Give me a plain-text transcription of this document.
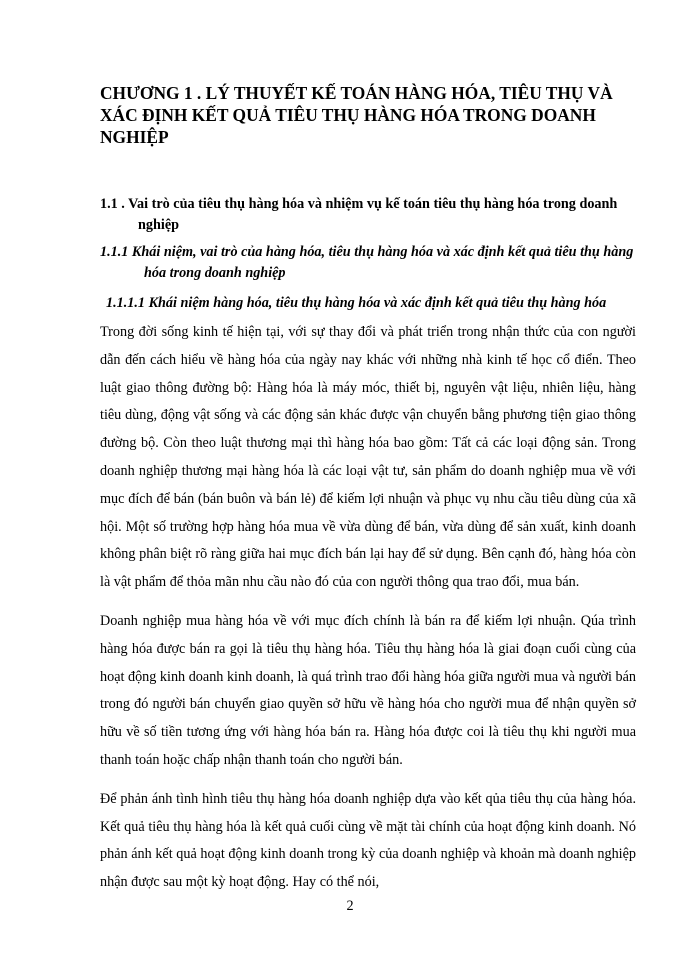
CHƯƠNG 1 . LÝ THUYẾT KẾ TOÁN HÀNG HÓA, TIÊU THỤ VÀ XÁC ĐỊNH KẾT QUẢ TIÊU THỤ HÀNG HÓA TRONG DOANH NGHIỆP
1.1 . Vai trò của tiêu thụ hàng hóa và nhiệm vụ kế toán tiêu thụ hàng hóa trong doanh nghiệp
1.1.1 Khái niệm, vai trò của hàng hóa, tiêu thụ hàng hóa và xác định kết quả tiêu thụ hàng hóa trong doanh nghiệp
1.1.1.1 Khái niệm hàng hóa, tiêu thụ hàng hóa và xác định kết quả tiêu thụ hàng hóa

Trong đời sống kinh tế hiện tại, với sự thay đổi và phát triển trong nhận thức của con người dẫn đến cách hiểu về hàng hóa của ngày nay khác với những nhà kinh tế học cổ điển. Theo luật giao thông đường bộ: Hàng hóa là máy móc, thiết bị, nguyên vật liệu, nhiên liệu, hàng tiêu dùng, động vật sống và các động sản khác được vận chuyển bằng phương tiện giao thông đường bộ. Còn theo luật thương mại thì hàng hóa bao gồm: Tất cả các loại động sản. Trong doanh nghiệp thương mại hàng hóa là các loại vật tư, sản phẩm do doanh nghiệp mua về với mục đích để bán (bán buôn và bán lẻ) để kiếm lợi nhuận và phục vụ nhu cầu tiêu dùng của xã hội. Một số trường hợp hàng hóa mua về vừa dùng để bán, vừa dùng để sản xuất, kinh doanh không phân biệt rõ ràng giữa hai mục đích bán lại hay để sử dụng. Bên cạnh đó, hàng hóa còn là vật phẩm để thỏa mãn nhu cầu nào đó của con người thông qua trao đổi, mua bán.

Doanh nghiệp mua hàng hóa về với mục đích chính là bán ra để kiếm lợi nhuận. Qúa trình hàng hóa được bán ra gọi là tiêu thụ hàng hóa. Tiêu thụ hàng hóa là giai đoạn cuối cùng của hoạt động kinh doanh kinh doanh, là quá trình trao đổi hàng hóa giữa người mua và người bán trong đó người bán chuyển giao quyền sở hữu về hàng hóa cho người mua để nhận quyền sở hữu về số tiền tương ứng với hàng hóa bán ra. Hàng hóa được coi là tiêu thụ khi người mua thanh toán hoặc chấp nhận thanh toán cho người bán.

Để phản ánh tình hình tiêu thụ hàng hóa doanh nghiệp dựa vào kết qủa tiêu thụ của hàng hóa. Kết quả tiêu thụ hàng hóa là kết quả cuối cùng về mặt tài chính của hoạt động kinh doanh. Nó phản ánh kết quả hoạt động kinh doanh trong kỳ của doanh nghiệp và khoản mà doanh nghiệp nhận được sau một kỳ hoạt động. Hay có thể nói,

2
